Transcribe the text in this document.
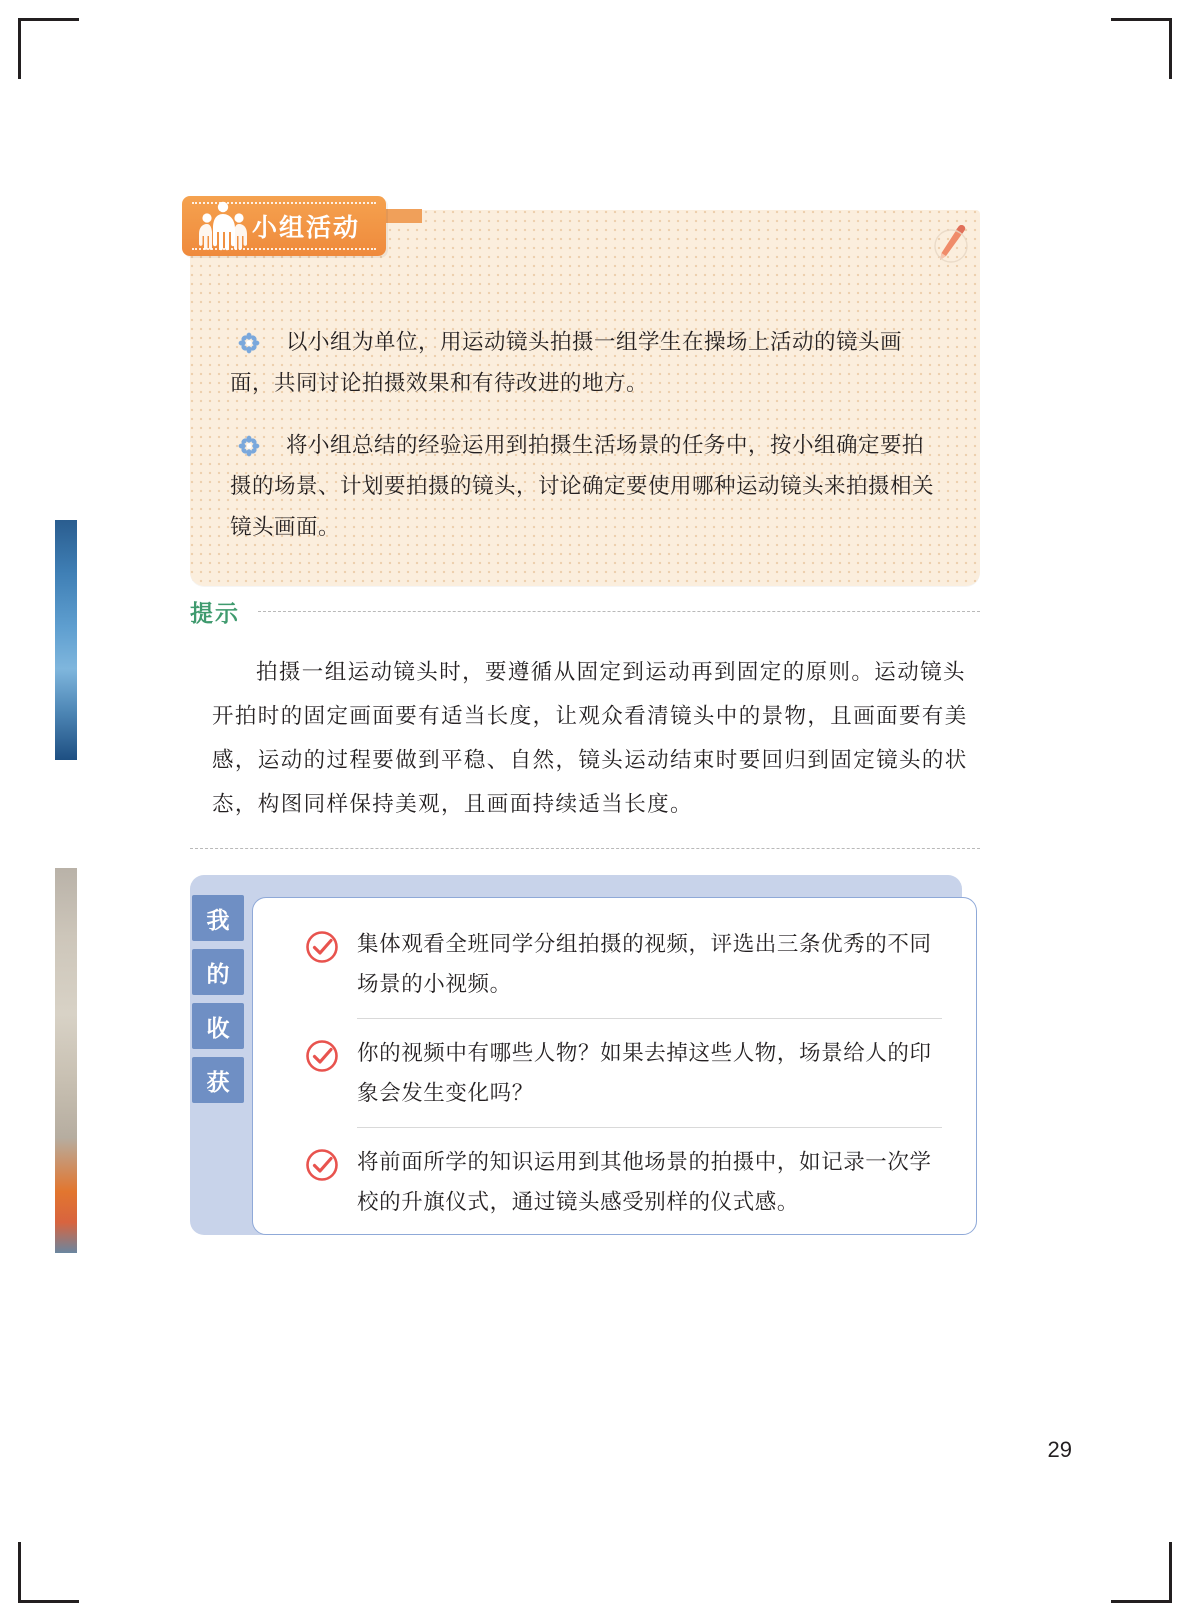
小组活动

以小组为单位，用运动镜头拍摄一组学生在操场上活动的镜头画面，共同讨论拍摄效果和有待改进的地方。

将小组总结的经验运用到拍摄生活场景的任务中，按小组确定要拍摄的场景、计划要拍摄的镜头，讨论确定要使用哪种运动镜头来拍摄相关镜头画面。

提示

拍摄一组运动镜头时，要遵循从固定到运动再到固定的原则。运动镜头开拍时的固定画面要有适当长度，让观众看清镜头中的景物，且画面要有美感，运动的过程要做到平稳、自然，镜头运动结束时要回归到固定镜头的状态，构图同样保持美观，且画面持续适当长度。

我
的
收
获
集体观看全班同学分组拍摄的视频，评选出三条优秀的不同场景的小视频。
你的视频中有哪些人物？如果去掉这些人物，场景给人的印象会发生变化吗？
将前面所学的知识运用到其他场景的拍摄中，如记录一次学校的升旗仪式，通过镜头感受别样的仪式感。
29
